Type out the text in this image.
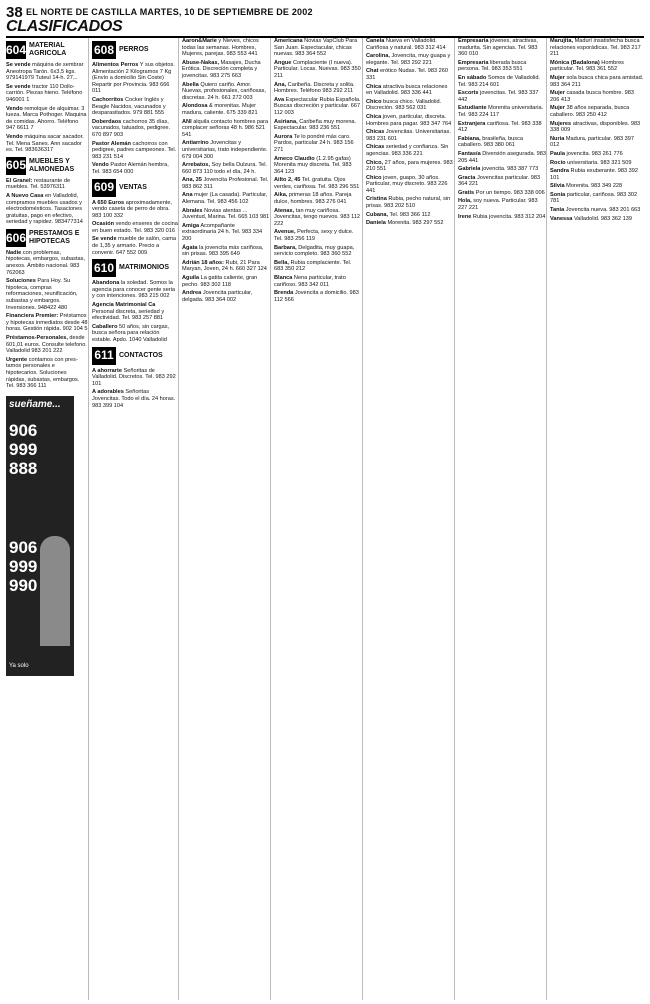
38 EL NORTE DE CASTILLA MARTES, 10 DE SEPTIEMBRE DE 2002
CLASIFICADOS
604 MATERIAL AGRICOLA
Se vende máquina de sembrar Aneotropa Tarón. 6x3,5 kgs. 979141979 Tuteul 14-h. 27...
Se vende tractor 110 Dollo- carrión. Piezas hieno. Teléfono 946001 1
Vendo remolque de alquimar. 3 lueza. Marca Pothoger. Maquina de comidas. Ahorro. Teléfono 947 6611 7
Vendo máquina sacar sacador. Tel. Mena Sanes. Ann sacador es. Tel. 983636317
605 MUEBLES Y ALMONEDAS
El Granel: restaurante de muebles. Tel. 53976311
A Nuevo Casa en Valladolid, compramos muebles usados y electrodomésticos. Tasaciones gratuitas, pago en efectivo, seriedad y rapidez. 983477314
606 PRESTAMOS E HIPOTECAS
Nadie con problemas, hipotecas, embargos, subastas, anexos. Ámbito nacional. 983 762063
Soluciones Para Hoy. Su hipoteca, compras reformaciones, reunificación, subastas y embargos. Inversiones. 948422 480
Financiera Premier: Préstamos y hipotecas inmediatos desde 48 horas. Gestión rápida. 902 104 5
Préstamos-Personales, desde 601,01 euros. Consulte telefono. Valladolid 983 201 222
Urgente contamos con pres- tamos personales e hipotecarios. Soluciones rápidas, subastas, embargos. Tel. 983 366 111
sueñame...
906
999
888
906
999
990
Ya solo
608 PERROS
Alimentos Perros Y sus objetos. Alimentación 2 Kilogramos 7 Kg (Envío a domicilio Sin Coste) Repartir por Provincia. 983 666 011
Cachorritos Cocker Inglés y Beagle Nacidos, vacunados y desparasitados. 979 881 555
Doberdaos cachorros 35 días, vacunados, tatuados, pedigree. 670 897 903
Pastor Alemán cachorros con pedigree, padres campeones. Tel. 983 231 514
Vendo Pastor Alemán hembra, Tel. 983 654 000
609 VENTAS
A 650 Euros aproximadamente, vendo caseta de perro de obra. 983 100 332
Ocasión vendo enseres de cocina en buen estado. Tel. 983 320 016
Se vende mueble de salón, cama de 1,35 y armario. Precio a convenir. 647 552 009
610 MATRIMONIOS
Abandona la soledad. Somos la agencia para conocer gente seria y con intenciones. 983 215 002
Agencia Matrimonial Ca Personal discreta, seriedad y efectividad. Tel. 983 257 881
Caballero 50 años, sin cargas, busca señora para relación estable. Apdo. 1040 Valladolid
611 CONTACTOS
A ahorrarte Señoritas de Valladolid. Discretos. Tel. 983 292 101
A adorables Señoritas Jovencitas. Todo el día. 24 horas. 983 399 104
Aaron&Marie y Nieves, chicos todas las semanas. Hombres, Mujeres, parejas. 983 553 441
Abuse-Nakas, Masajes, Ducha Erótica. Discreción completa y jovencitas. 983 275 663
Abella Quiero cariño. Amor. Nuevas, profesionales, cariñosas, discretas. 24 h. 661 272 003
Alondosa & morenitas. Mujer madura, caliente. 675 339 821
ANI alquila contacto hombres para complacer señoras 48 h. 986 521 541
Antiarrino Jovencitas y universitarias, trato independiente. 679 004 300
Arrebatos, Soy bella Dulzura. Tel. 660 873 110 todo el día, 24 h.
Ana, 35 Jovencita Profesional. Tel. 983 862 311
Ana mujer (La casada). Particular, Alemana. Tel. 983 456 102
Abrales Novias atentas ... Juventud, Marina. Tel. 665 103 981
Amiga Acompañante extraordinaria 24 h. Tel. 983 334 200
Ágata la jovencita más cariñosa, sin prisas. 983 395 649
Adrián 18 años: Rubi, 21 Para Maryan, Joven, 24 h. 660 327 124
Aguila La gatita caliente, gran pecho. 983 302 118
Andrea Jovencita particular, delgada. 983 364 002
Americana Novias VapClub Para San Juan. Espectacular, chicas nuevas. 983 364 552
Angue Complaciente (I nueva). Particular. Locas. Nuevas. 983 350 211
Ana, Caribeña. Discreta y solita. Hombres. Teléfono 983 292 211
Ava Espectacular Rubia Española. Buscas discreción y particular. 667 112 003
Asiriana, Caribeña muy morena. Espectacular. 983 236 551
Aurora Te lo pondré más caro. Pardos, particular 24 h. 983 156 271
Ameco Claudio (1.2.95 gafas) Morenita muy discreta. Tel. 983 364 123
Ailto 2, 45 Tel. gratuita. Ojos verdes, cariñosa. Tel. 983 296 551
Aika, primeras 18 años. Pareja dulce, hombres. 983 276 041
Atenas, tan muy cariñosa. Jovencitas, tengo nuevos. 983 112 222
Avenue, Perfecta, sexy y dulce. Tel. 983 256 119
Barbara, Delgadita, muy guapa, servicio completo. 983 360 552
Bella, Rubia complaciente. Tel. 683 350 212
Blanca Nena particular, trato cariñoso. 983 342 011
Brenda Jovencita a domicilio. 983 112 566
Canela Nueva en Valladolid. Cariñosa y natural. 983 312 414
Carolina, Jovencita, muy guapa y elegante. Tel. 983 292 221
Chat erótico Nudas. Tel. 983 260 331
Chica atractiva busca relaciones en Valladolid. 983 336 441
Chico busca chico. Valladolid. Discreción. 983 562 031
Chica joven, particular, discreta. Hombres para pagar. 983 347 764
Chicas Jovencitas. Universitarias. 983 231 601
Chicas seriedad y confianza. Sin agencias. 983 336 221
Chico, 27 años, para mujeres. 983 210 551
Chico joven, guapo, 30 años. Particular, muy discreto. 983 226 441
Cristina Rubia, pecho natural, sin prisas. 983 202 510
Cubana, Tel. 983 366 112
Daniela Morenita. 983 297 552
Empresaria jóvenes, atractivas, madurita. Sin agencias. Tel. 983 360 010
Empresaria liberada busca persona. Tel. 983 353 551
En sábado Somos de Valladolid. Tel. 983 214 601
Escorts jovencitas. Tel. 983 337 442
Estudiante Morenita universitaria. Tel. 983 224 117
Extranjera cariñosa. Tel. 983 338 412
Fabiana, brasileña, busca caballero. 983 380 061
Fantasía Diversión asegurada. 983 205 441
Gabriela jovencita. 983 387 773
Gracia Jovencitas particular. 983 364 221
Gratis Por un tiempo. 983 338 006
Hola, soy nueva. Particular. 983 227 221
Irene Rubia jovencita. 983 312 204
Marujita, Madurí insatisfecha busca relaciones esporádicas. Tel. 983 217 211
Mónica (Badalona) Hombres particular. Tel. 983 361 552
Mujer sola busca chica para amistad. 983 364 211
Mujer casada busca hombre. 983 206 413
Mujer 38 años separada, busca caballero. 983 250 412
Mujeres atractivas, disponibles. 983 338 009
Nuria Madura, particular. 983 397 012
Paula jovencita. 983 261 776
Rocío universitaria. 983 321 509
Sandra Rubia exuberante. 983 392 101
Silvia Morenita. 983 349 228
Sonia particular, cariñosa. 983 302 781
Tania Jovencita nueva. 983 201 663
Vanessa Valladolid. 983 362 139
